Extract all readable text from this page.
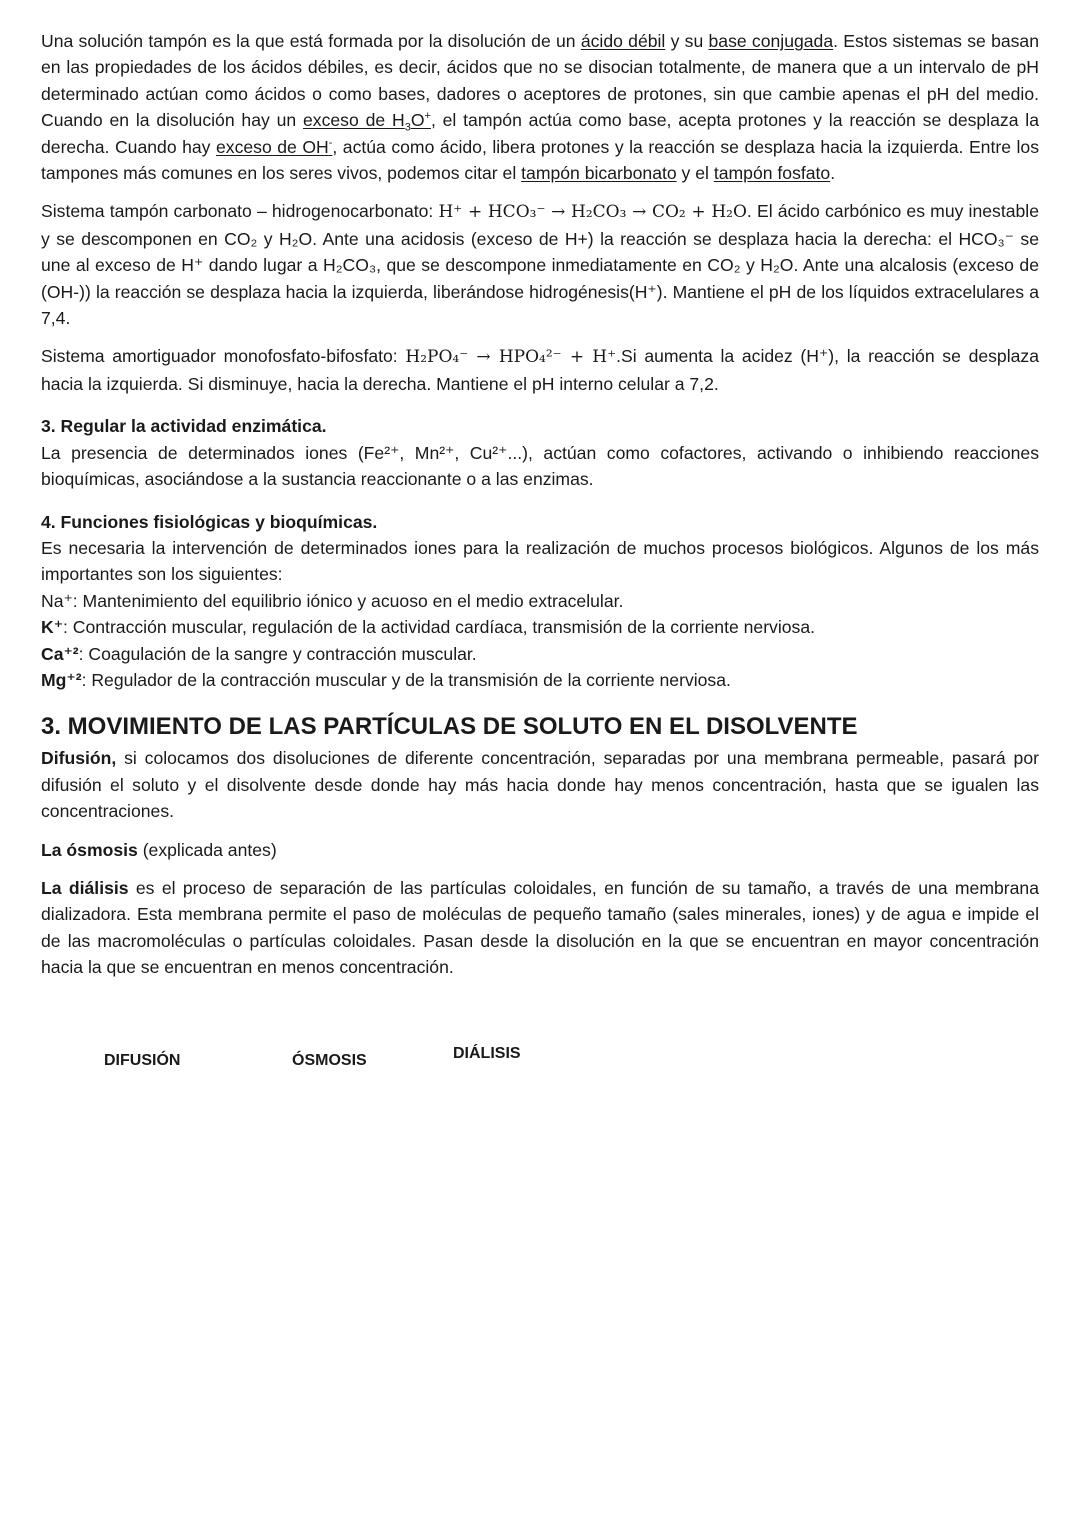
Una solución tampón es la que está formada por la disolución de un ácido débil y su base conjugada. Estos sistemas se basan en las propiedades de los ácidos débiles, es decir, ácidos que no se disocian totalmente, de manera que a un intervalo de pH determinado actúan como ácidos o como bases, dadores o aceptores de protones, sin que cambie apenas el pH del medio. Cuando en la disolución hay un exceso de $H_3O^+$, el tampón actúa como base, acepta protones y la reacción se desplaza la derecha. Cuando hay exceso de OH-, actúa como ácido, libera protones y la reacción se desplaza hacia la izquierda. Entre los tampones más comunes en los seres vivos, podemos citar el tampón bicarbonato y el tampón fosfato.

Sistema tampón carbonato – hidrogenocarbonato: H⁺ + HCO₃⁻ → H₂CO₃ → CO₂ + H₂O. El ácido carbónico es muy inestable y se descomponen en CO₂ y H₂O. Ante una acidosis (exceso de H+) la reacción se desplaza hacia la derecha: el HCO₃⁻ se une al exceso de H⁺ dando lugar a H₂CO₃, que se descompone inmediatamente en CO₂ y H₂O. Ante una alcalosis (exceso de (OH-)) la reacción se desplaza hacia la izquierda, liberándose hidrogénesis(H⁺). Mantiene el pH de los líquidos extracelulares a 7,4.

Sistema amortiguador monofosfato-bifosfato: H₂PO₄⁻ → HPO₄²⁻ + H⁺.Si aumenta la acidez (H⁺), la reacción se desplaza hacia la izquierda. Si disminuye, hacia la derecha. Mantiene el pH interno celular a 7,2.

3. Regular la actividad enzimática.

La presencia de determinados iones (Fe²⁺, Mn²⁺, Cu²⁺...), actúan como cofactores, activando o inhibiendo reacciones bioquímicas, asociándose a la sustancia reaccionante o a las enzimas.

4. Funciones fisiológicas y bioquímicas.

Es necesaria la intervención de determinados iones para la realización de muchos procesos biológicos. Algunos de los más importantes son los siguientes:

Na⁺: Mantenimiento del equilibrio iónico y acuoso en el medio extracelular.

K⁺: Contracción muscular, regulación de la actividad cardíaca, transmisión de la corriente nerviosa.

Ca⁺²: Coagulación de la sangre y contracción muscular.

Mg⁺²: Regulador de la contracción muscular y de la transmisión de la corriente nerviosa.

3. MOVIMIENTO DE LAS PARTÍCULAS DE SOLUTO EN EL DISOLVENTE

Difusión, si colocamos dos disoluciones de diferente concentración, separadas por una membrana permeable, pasará por difusión el soluto y el disolvente desde donde hay más hacia donde hay menos concentración, hasta que se igualen las concentraciones.

La ósmosis (explicada antes)

La diálisis es el proceso de separación de las partículas coloidales, en función de su tamaño, a través de una membrana dializadora. Esta membrana permite el paso de moléculas de pequeño tamaño (sales minerales, iones) y de agua e impide el de las macromoléculas o partículas coloidales. Pasan desde la disolución en la que se encuentran en mayor concentración hacia la que se encuentran en menos concentración.

DIFUSIÓN	ÓSMOSIS	DIÁLISIS
